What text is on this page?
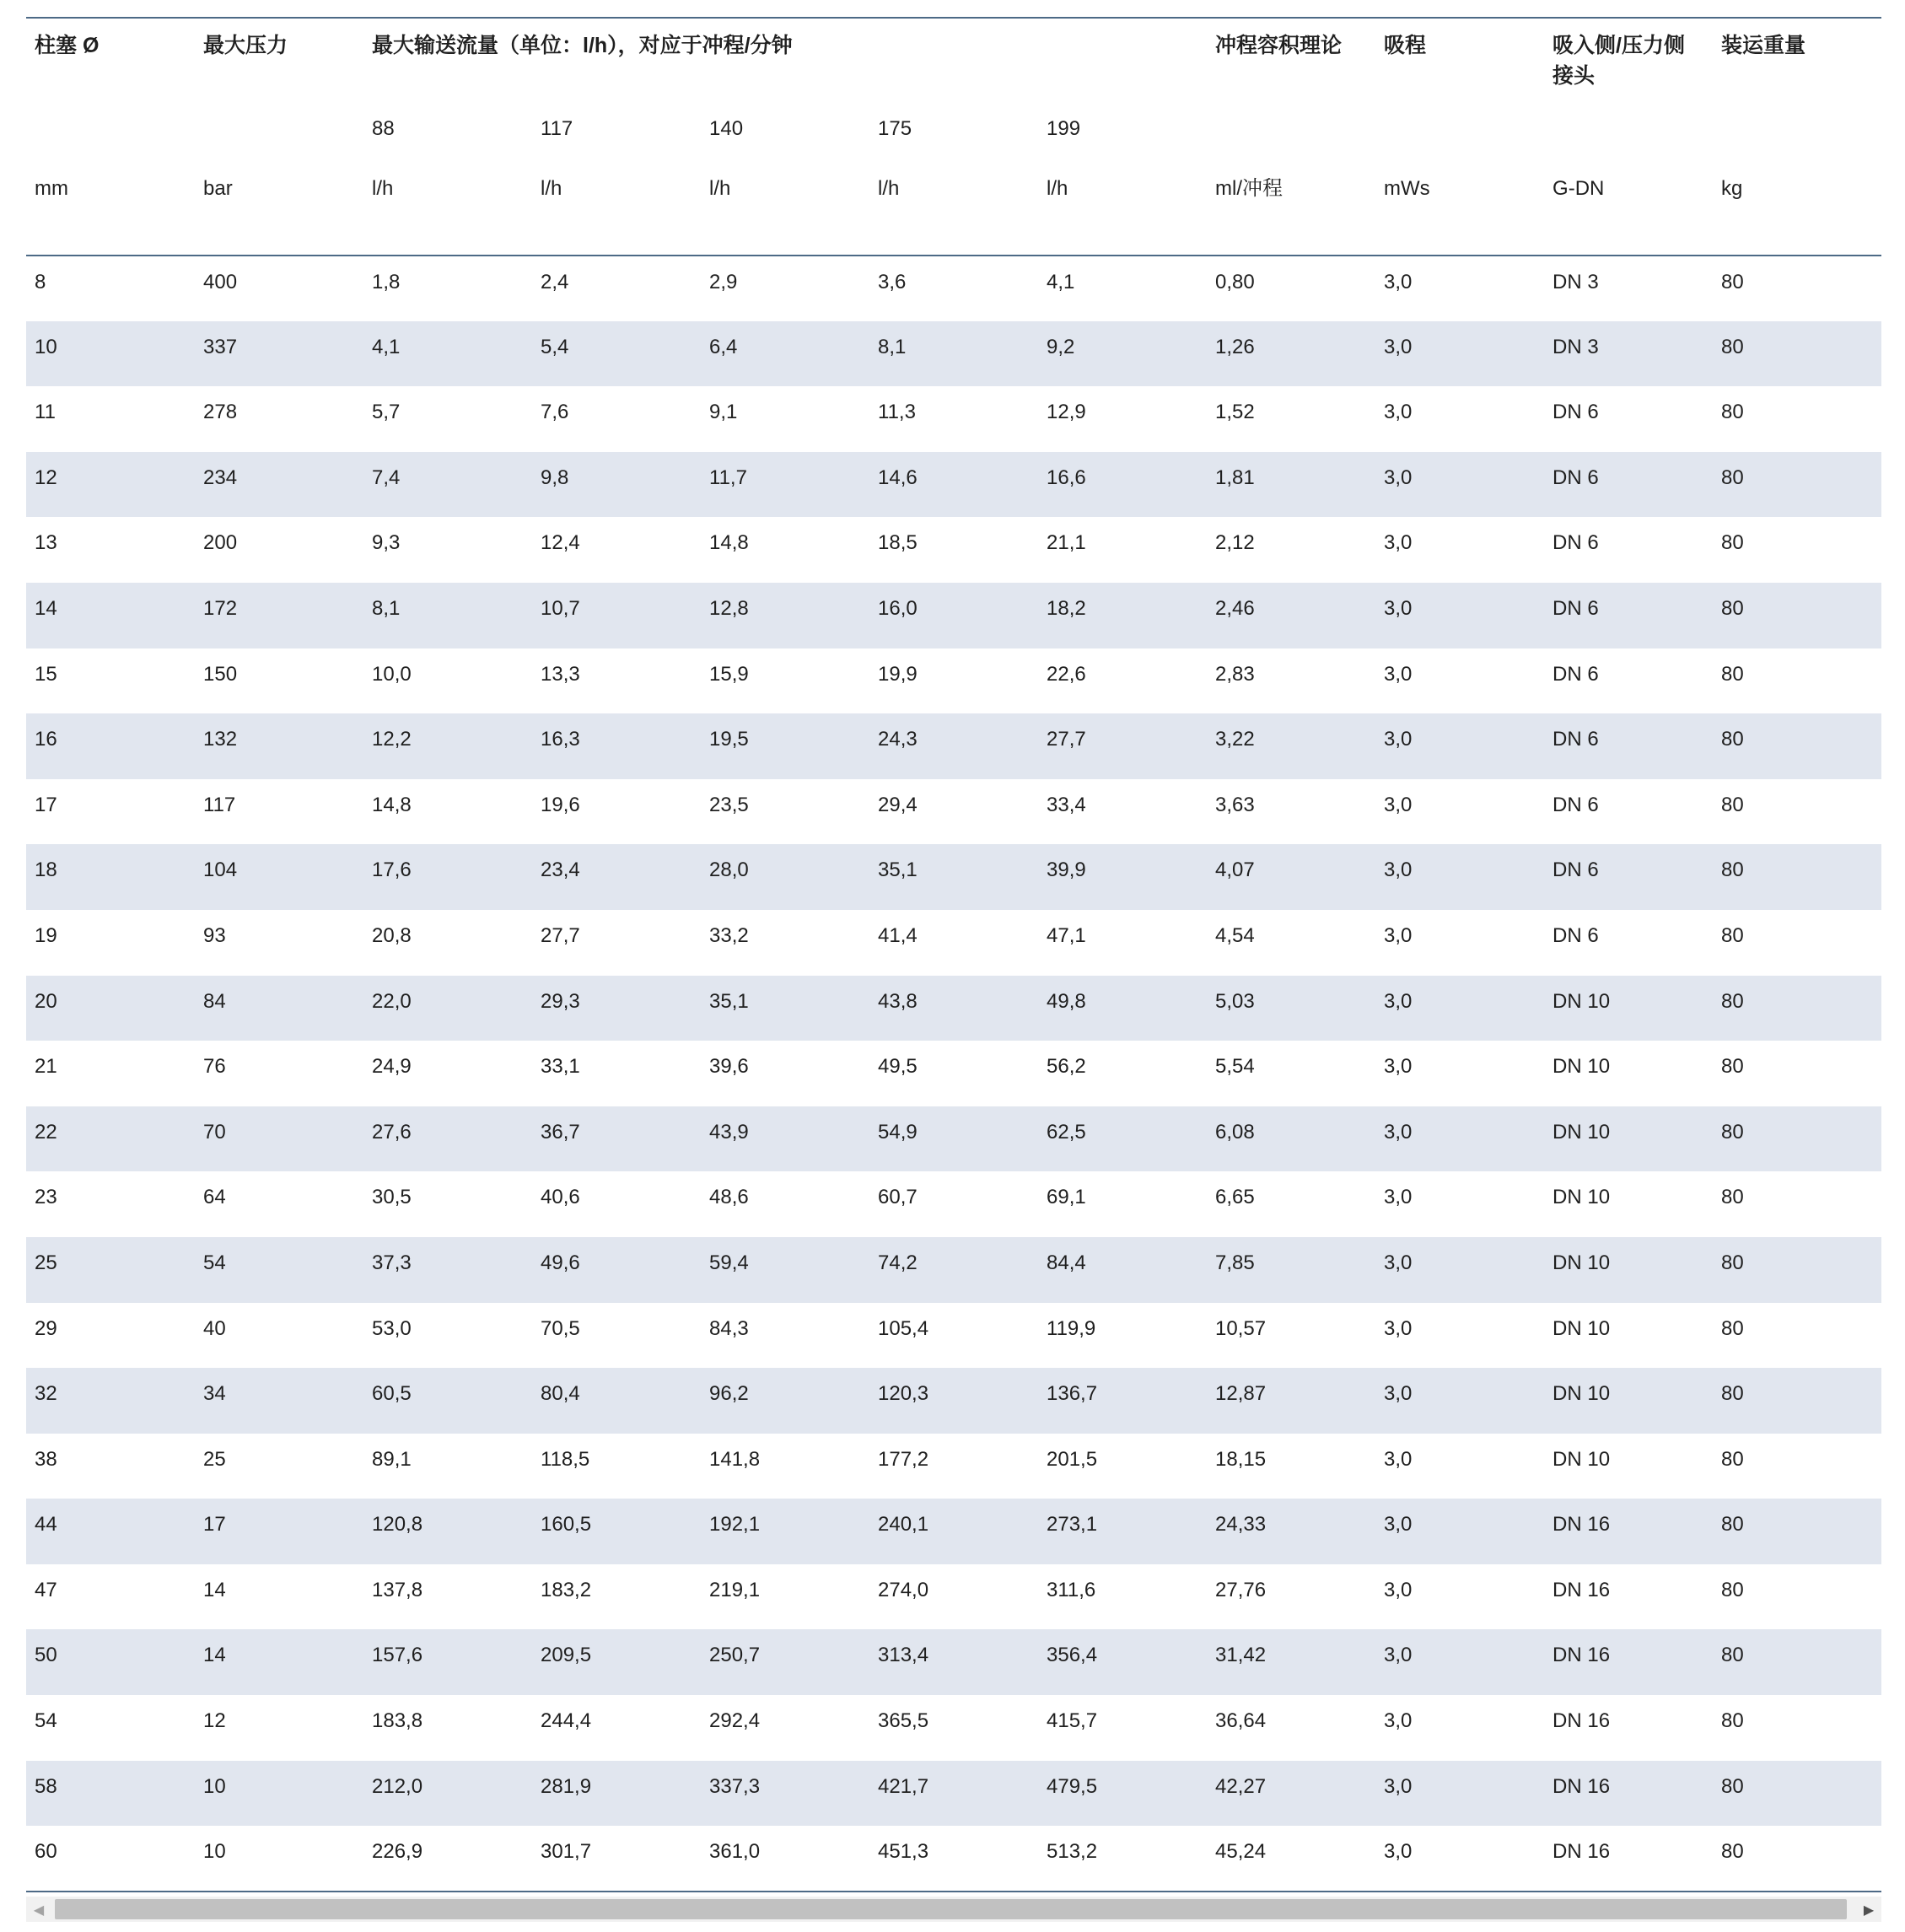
柱塞 Ø	最大压力	最大输送流量（单位：l/h），对应于冲程/分钟					冲程容积理论	吸程	吸入侧/压力侧接头	装运重量
		88	117	140	175	199				
mm	bar	l/h	l/h	l/h	l/h	l/h	ml/冲程	mWs	G-DN	kg
8	400	1,8	2,4	2,9	3,6	4,1	0,80	3,0	DN 3	80
10	337	4,1	5,4	6,4	8,1	9,2	1,26	3,0	DN 3	80
11	278	5,7	7,6	9,1	11,3	12,9	1,52	3,0	DN 6	80
12	234	7,4	9,8	11,7	14,6	16,6	1,81	3,0	DN 6	80
13	200	9,3	12,4	14,8	18,5	21,1	2,12	3,0	DN 6	80
14	172	8,1	10,7	12,8	16,0	18,2	2,46	3,0	DN 6	80
15	150	10,0	13,3	15,9	19,9	22,6	2,83	3,0	DN 6	80
16	132	12,2	16,3	19,5	24,3	27,7	3,22	3,0	DN 6	80
17	117	14,8	19,6	23,5	29,4	33,4	3,63	3,0	DN 6	80
18	104	17,6	23,4	28,0	35,1	39,9	4,07	3,0	DN 6	80
19	93	20,8	27,7	33,2	41,4	47,1	4,54	3,0	DN 6	80
20	84	22,0	29,3	35,1	43,8	49,8	5,03	3,0	DN 10	80
21	76	24,9	33,1	39,6	49,5	56,2	5,54	3,0	DN 10	80
22	70	27,6	36,7	43,9	54,9	62,5	6,08	3,0	DN 10	80
23	64	30,5	40,6	48,6	60,7	69,1	6,65	3,0	DN 10	80
25	54	37,3	49,6	59,4	74,2	84,4	7,85	3,0	DN 10	80
29	40	53,0	70,5	84,3	105,4	119,9	10,57	3,0	DN 10	80
32	34	60,5	80,4	96,2	120,3	136,7	12,87	3,0	DN 10	80
38	25	89,1	118,5	141,8	177,2	201,5	18,15	3,0	DN 10	80
44	17	120,8	160,5	192,1	240,1	273,1	24,33	3,0	DN 16	80
47	14	137,8	183,2	219,1	274,0	311,6	27,76	3,0	DN 16	80
50	14	157,6	209,5	250,7	313,4	356,4	31,42	3,0	DN 16	80
54	12	183,8	244,4	292,4	365,5	415,7	36,64	3,0	DN 16	80
58	10	212,0	281,9	337,3	421,7	479,5	42,27	3,0	DN 16	80
60	10	226,9	301,7	361,0	451,3	513,2	45,24	3,0	DN 16	80
◀	▶
